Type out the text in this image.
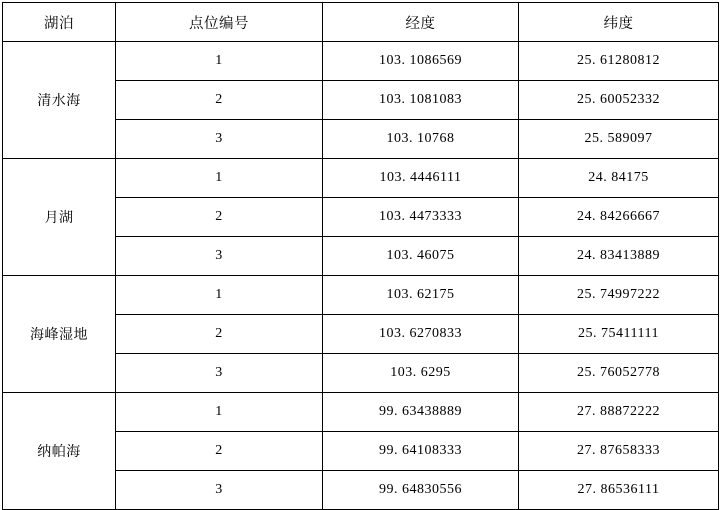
湖泊	点位编号	经度	纬度
清水海	1	103. 1086569	25. 61280812
	2	103. 1081083	25. 60052332
	3	103. 10768	25. 589097
月湖	1	103. 4446111	24. 84175
	2	103. 4473333	24. 84266667
	3	103. 46075	24. 83413889
海峰湿地	1	103. 62175	25. 74997222
	2	103. 6270833	25. 75411111
	3	103. 6295	25. 76052778
纳帕海	1	99. 63438889	27. 88872222
	2	99. 64108333	27. 87658333
	3	99. 64830556	27. 86536111
